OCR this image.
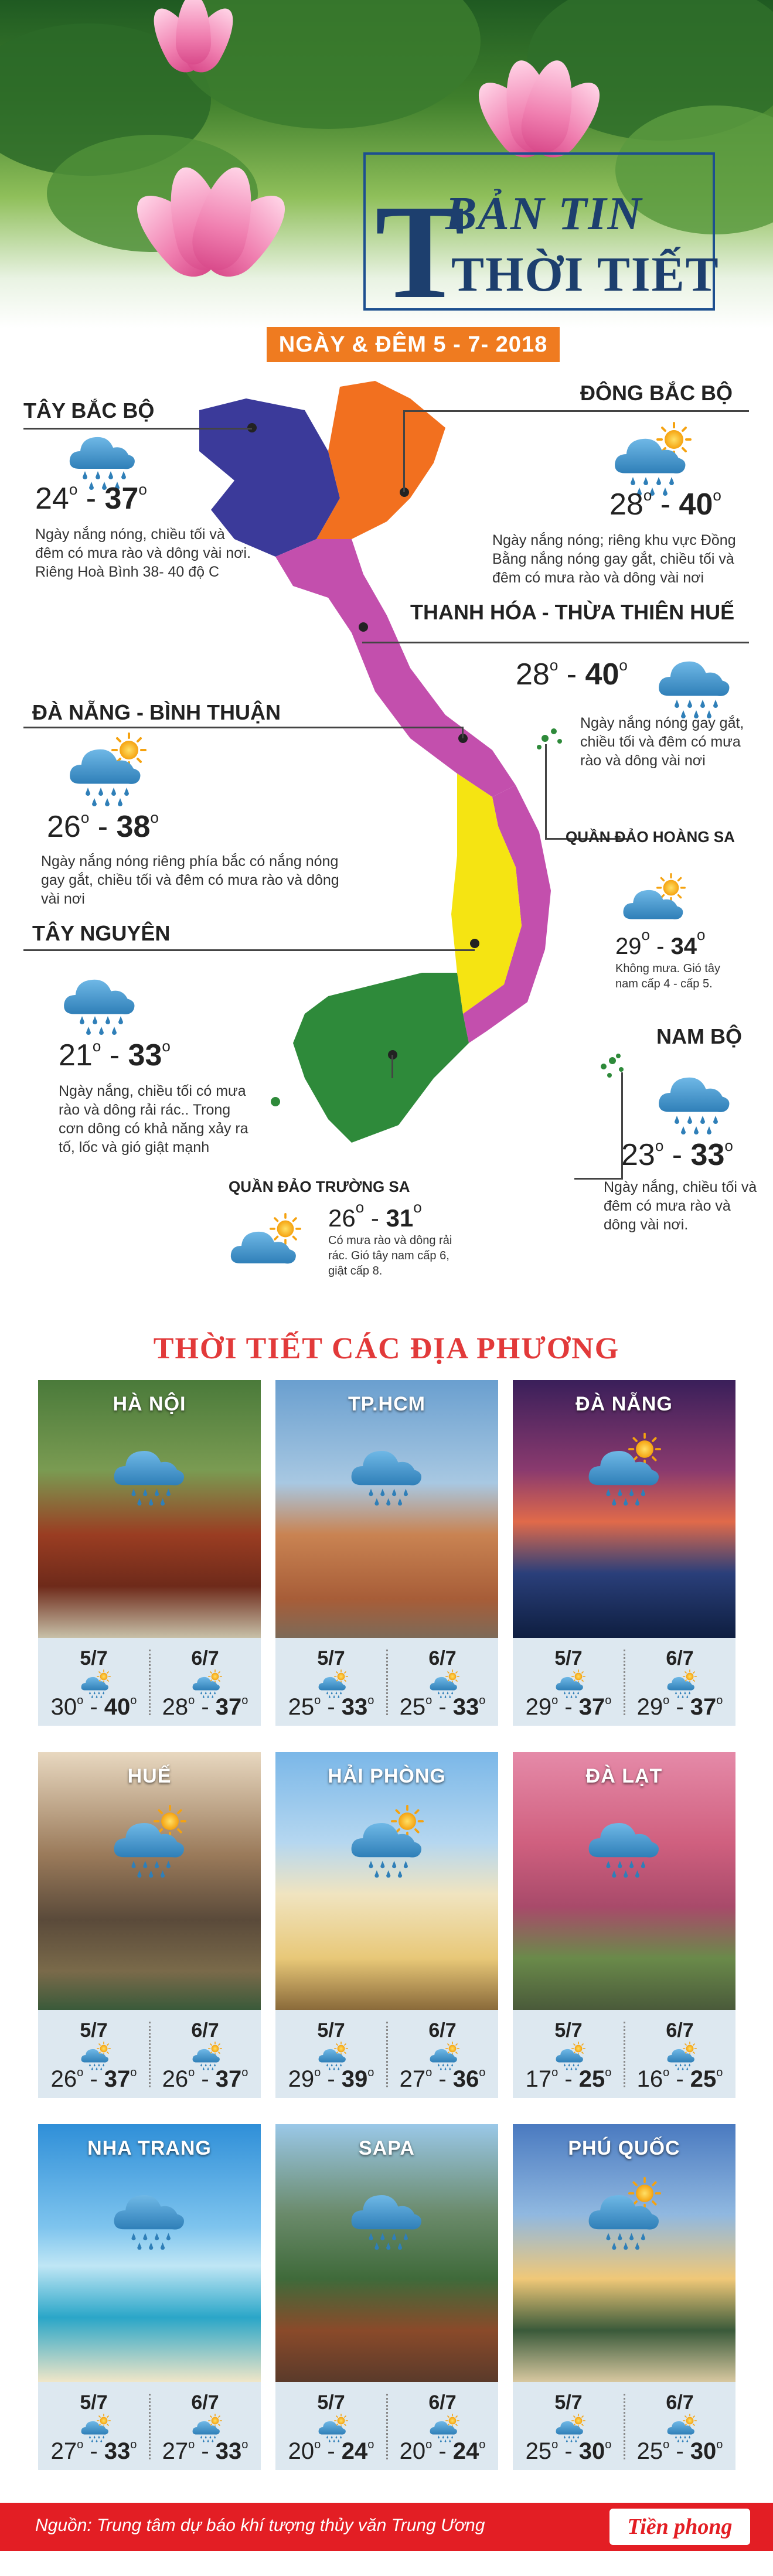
T
BẢN TIN
THỜI TIẾT
NGÀY & ĐÊM 5 - 7- 2018
TÂY BẮC BỘ
24$^o$ - 37$^o$
Ngày nắng nóng, chiều tối và đêm có mưa rào và dông vài nơi. Riêng Hoà Bình 38- 40 độ C
ĐÔNG BẮC BỘ
28$^o$ - 40$^o$
Ngày nắng nóng; riêng khu vực Đồng Bằng nắng nóng gay gắt, chiều tối và đêm có mưa rào và dông vài nơi
THANH HÓA - THỪA THIÊN HUẾ
28$^o$ - 40$^o$
Ngày nắng nóng gay gắt, chiều tối và đêm có mưa rào và dông vài nơi
ĐÀ NẴNG - BÌNH THUẬN
26$^o$ - 38$^o$
Ngày nắng nóng riêng phía bắc có nắng nóng gay gắt, chiều tối và đêm có mưa rào và dông vài nơi
QUẦN ĐẢO HOÀNG SA
29$^o$ - 34$^o$
Không mưa. Gió tây nam cấp 4 - cấp 5.
TÂY NGUYÊN
21$^o$ - 33$^o$
Ngày nắng, chiều tối có mưa rào và dông rải rác.. Trong cơn dông có khả năng xảy ra tố, lốc và gió giật mạnh
NAM BỘ
23$^o$ - 33$^o$
Ngày nắng, chiều tối và đêm có mưa rào và dông vài nơi.
QUẦN ĐẢO TRƯỜNG SA
26$^o$ - 31$^o$
Có mưa rào và dông rải rác. Gió tây nam cấp 6, giật cấp 8.
THỜI TIẾT CÁC ĐỊA PHƯƠNG
HÀ NỘI
5/7	6/7
30$^o$ - 40$^o$	28$^o$ - 37$^o$
TP.HCM
5/7	6/7
25$^o$ - 33$^o$	25$^o$ - 33$^o$
ĐÀ NẴNG
5/7	6/7
29$^o$ - 37$^o$	29$^o$ - 37$^o$
HUẾ
5/7	6/7
26$^o$ - 37$^o$	26$^o$ - 37$^o$
HẢI PHÒNG
5/7	6/7
29$^o$ - 39$^o$	27$^o$ - 36$^o$
ĐÀ LẠT
5/7	6/7
17$^o$ - 25$^o$	16$^o$ - 25$^o$
NHA TRANG
5/7	6/7
27$^o$ - 33$^o$	27$^o$ - 33$^o$
SAPA
5/7	6/7
20$^o$ - 24$^o$	20$^o$ - 24$^o$
PHÚ QUỐC
5/7	6/7
25$^o$ - 30$^o$	25$^o$ - 30$^o$
Nguồn: Trung tâm dự báo khí tượng thủy văn Trung Ương	Tiền phong
